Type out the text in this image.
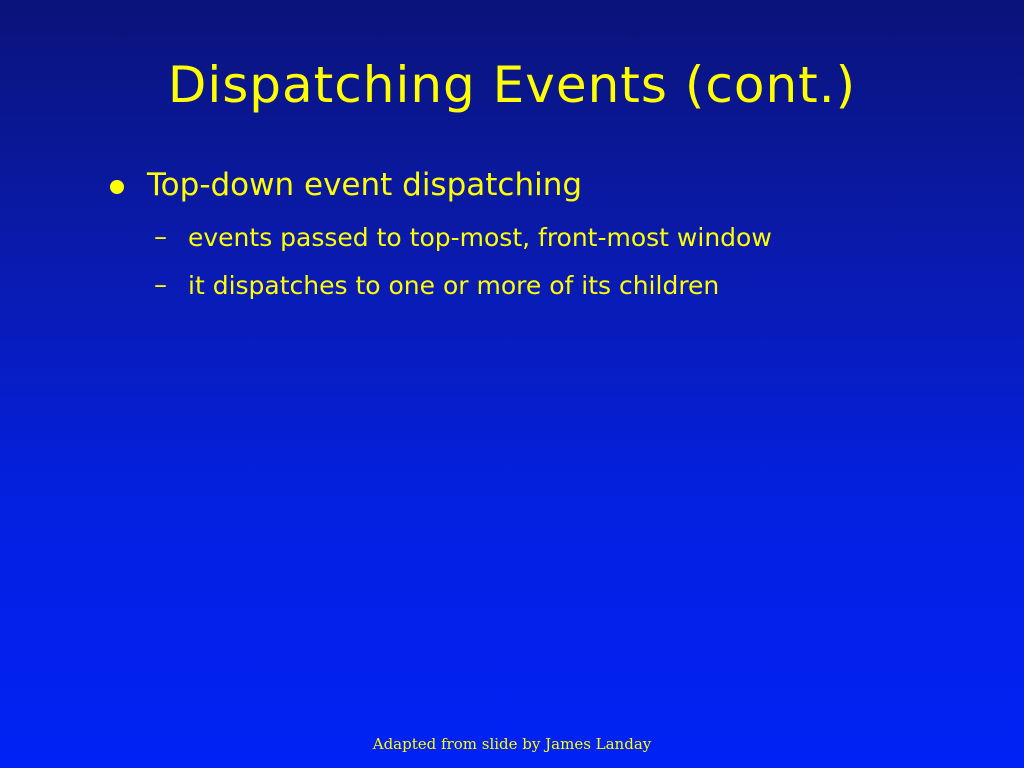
Dispatching Events (cont.)
Top-down event dispatching
– events passed to top-most, front-most window
– it dispatches to one or more of its children
Adapted from slide by James Landay
